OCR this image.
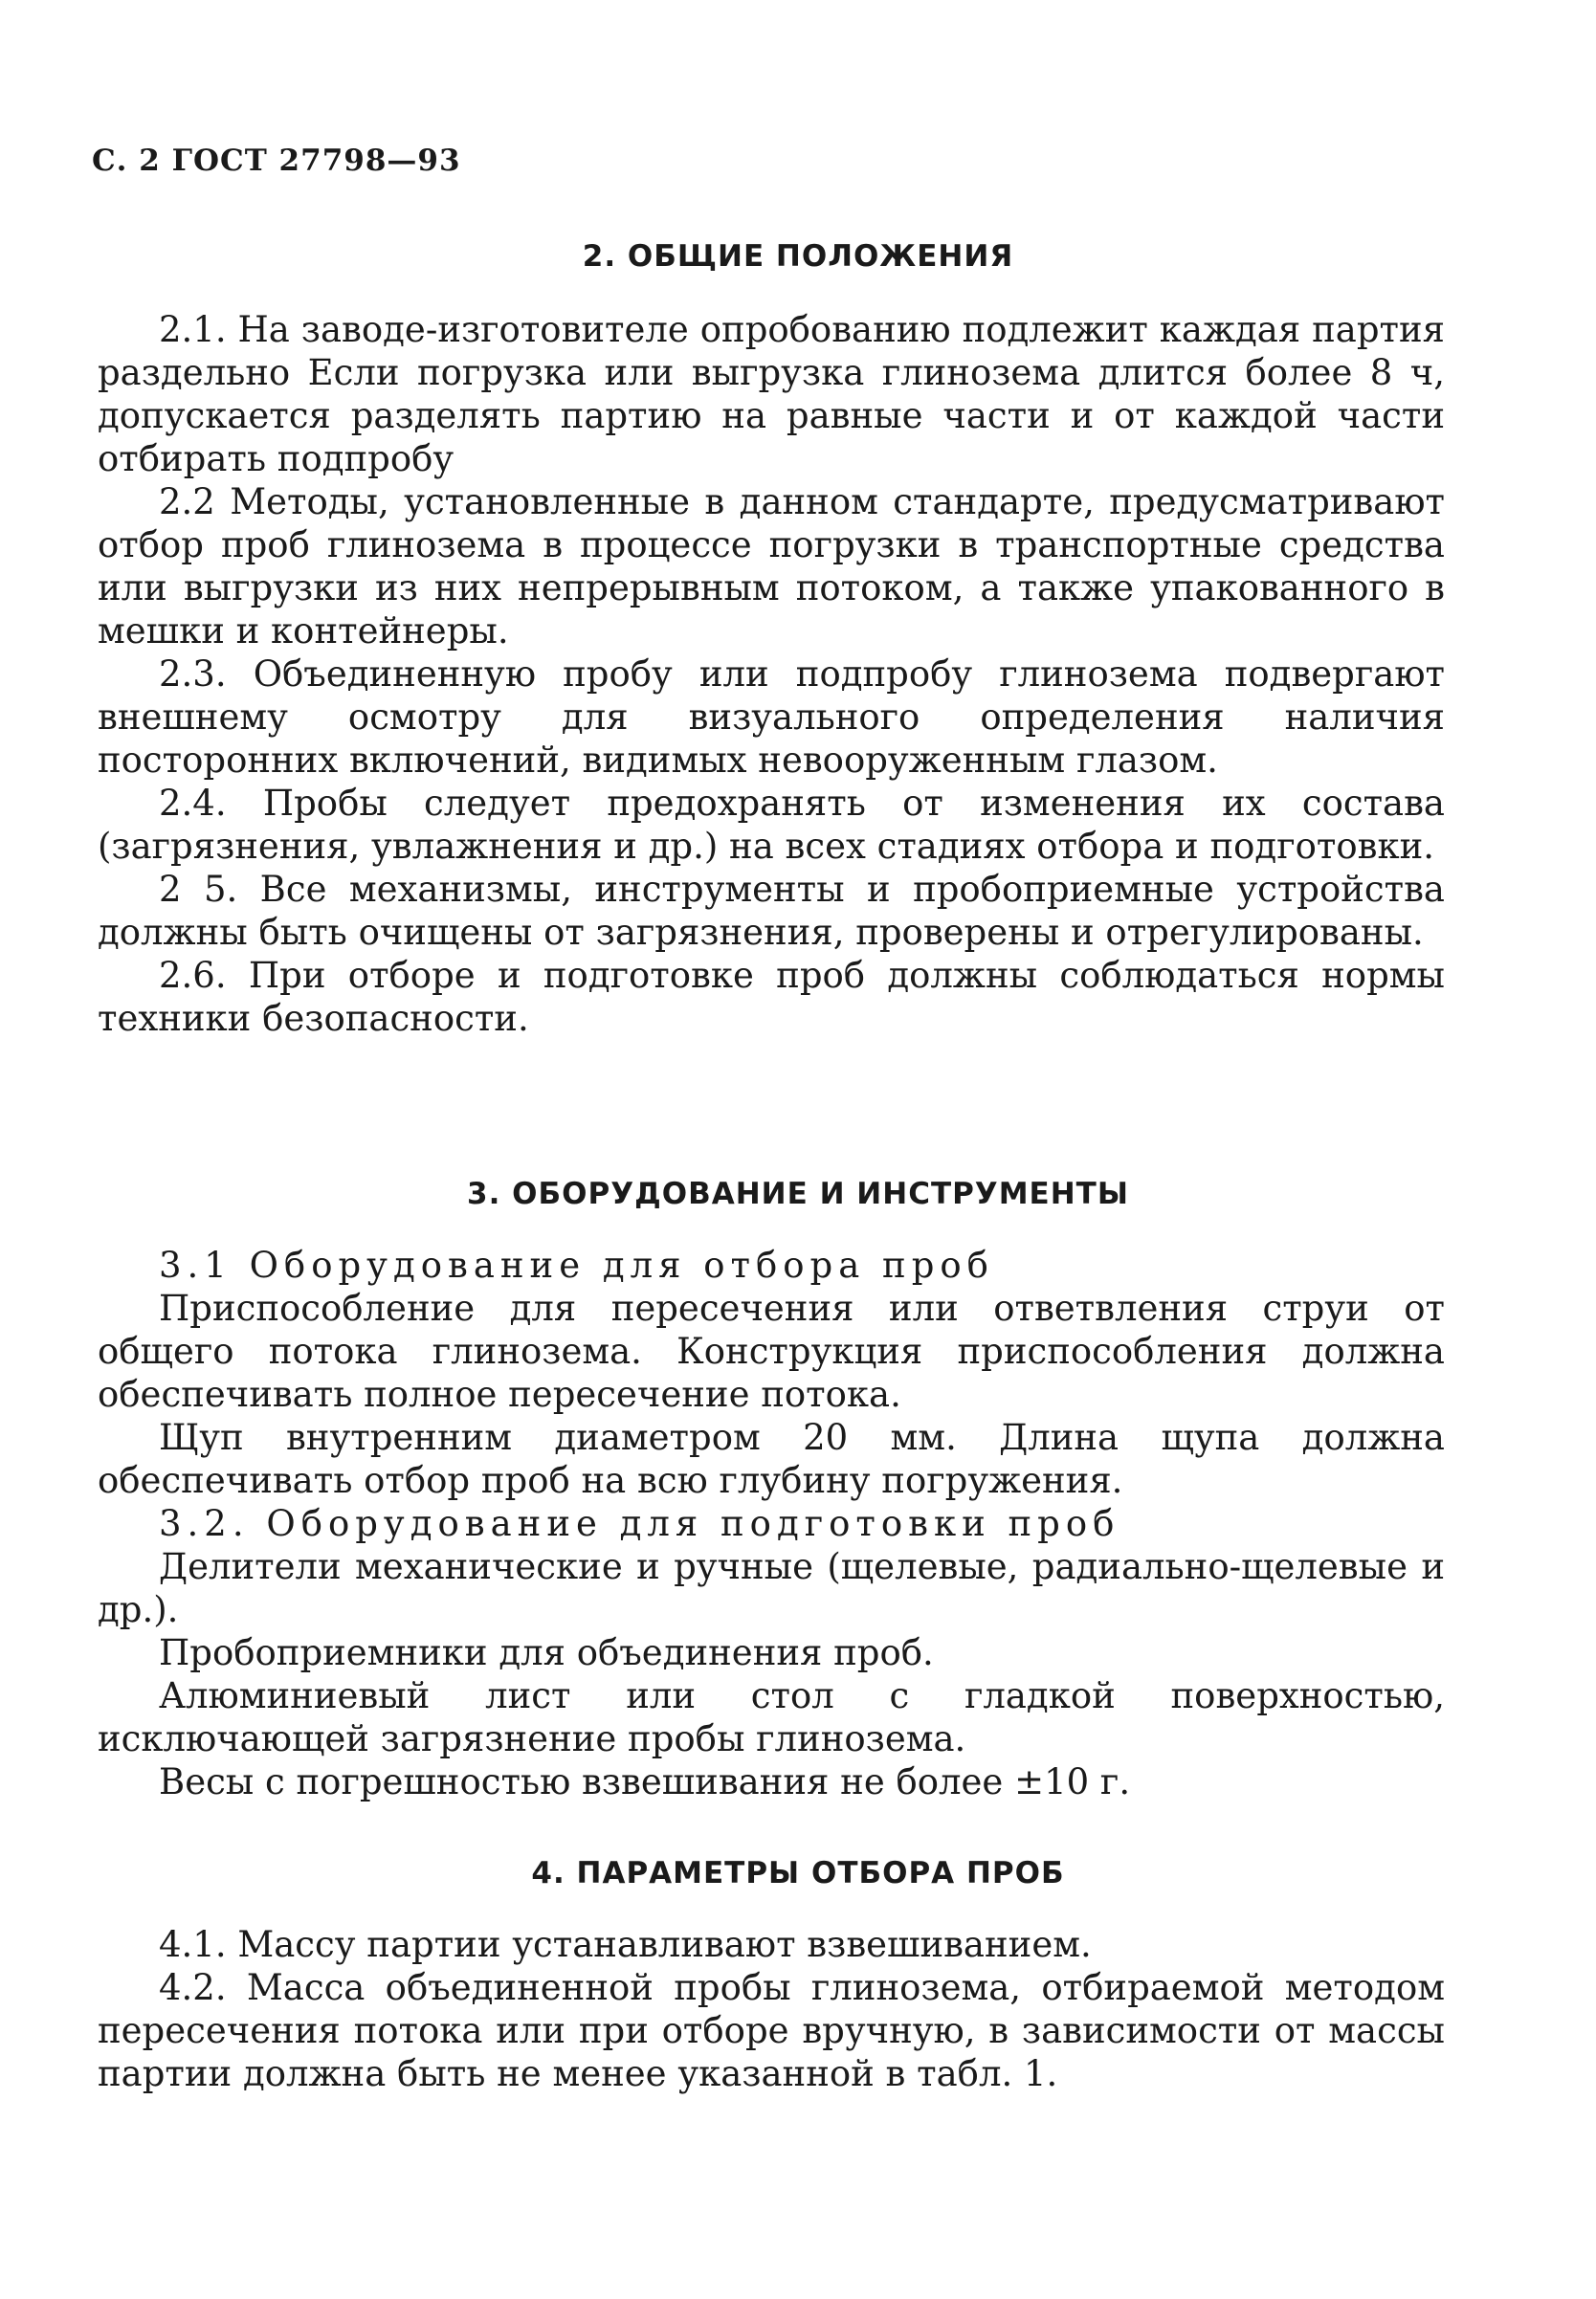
С. 2 ГОСТ 27798—93
2. ОБЩИЕ ПОЛОЖЕНИЯ

2.1. На заводе-изготовителе опробованию подлежит каждая партия раздельно Если погрузка или выгрузка глинозема длится более 8 ч, допускается разделять партию на равные части и от каждой части отбирать подпробу

2.2 Методы, установленные в данном стандарте, предусматривают отбор проб глинозема в процессе погрузки в транспортные средства или выгрузки из них непрерывным потоком, а также упакованного в мешки и контейнеры.

2.3. Объединенную пробу или подпробу глинозема подвергают внешнему осмотру для визуального определения наличия посторонних включений, видимых невооруженным глазом.

2.4. Пробы следует предохранять от изменения их состава (загрязнения, увлажнения и др.) на всех стадиях отбора и подготовки.

2 5. Все механизмы, инструменты и пробоприемные устройства должны быть очищены от загрязнения, проверены и отрегулированы.

2.6. При отборе и подготовке проб должны соблюдаться нормы техники безопасности.

3. ОБОРУДОВАНИЕ И ИНСТРУМЕНТЫ

3.1 Оборудование для отбора проб

Приспособление для пересечения или ответвления струи от общего потока глинозема. Конструкция приспособления должна обеспечивать полное пересечение потока.

Щуп внутренним диаметром 20 мм. Длина щупа должна обеспечивать отбор проб на всю глубину погружения.

3.2. Оборудование для подготовки проб

Делители механические и ручные (щелевые, радиально-щелевые и др.).

Пробоприемники для объединения проб.

Алюминиевый лист или стол с гладкой поверхностью, исключающей загрязнение пробы глинозема.

Весы с погрешностью взвешивания не более ±10 г.

4. ПАРАМЕТРЫ ОТБОРА ПРОБ

4.1. Массу партии устанавливают взвешиванием.

4.2. Масса объединенной пробы глинозема, отбираемой методом пересечения потока или при отборе вручную, в зависимости от массы партии должна быть не менее указанной в табл. 1.
